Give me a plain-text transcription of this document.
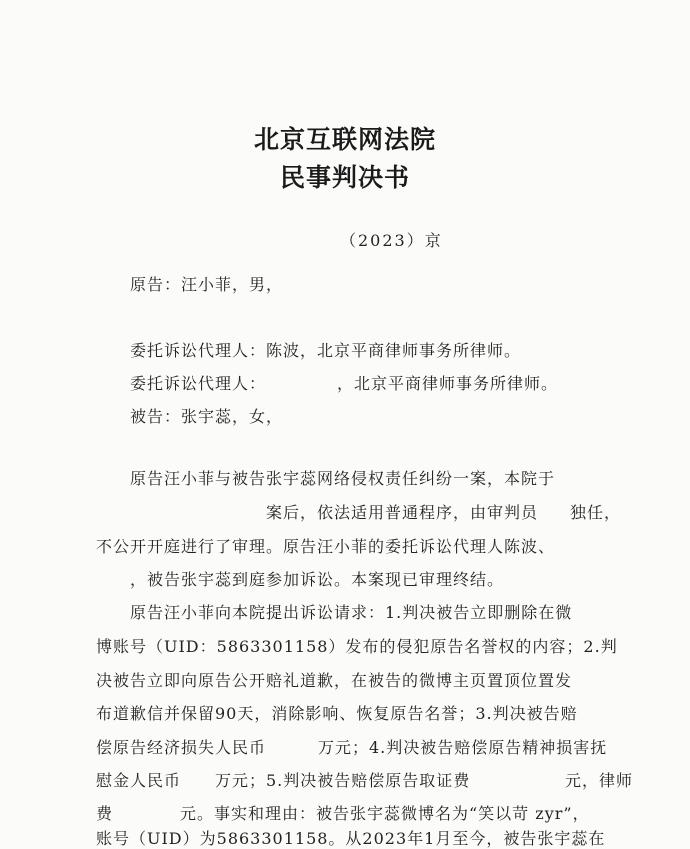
北京互联网法院
民事判决书
（2023）京
原告：汪小菲，男，
委托诉讼代理人：陈波，北京平商律师事务所律师。
委托诉讼代理人：	，北京平商律师事务所律师。
被告：张宇蕊，女，
原告汪小菲与被告张宇蕊网络侵权责任纠纷一案，本院于
案后，依法适用普通程序，由审判员 独任，
不公开开庭进行了审理。原告汪小菲的委托诉讼代理人陈波、
，被告张宇蕊到庭参加诉讼。本案现已审理终结。
原告汪小菲向本院提出诉讼请求：1.判决被告立即删除在微
博账号（UID：5863301158）发布的侵犯原告名誉权的内容；2.判
决被告立即向原告公开赔礼道歉，在被告的微博主页置顶位置发
布道歉信并保留90天，消除影响、恢复原告名誉；3.判决被告赔
偿原告经济损失人民币	万元；4.判决被告赔偿原告精神损害抚
慰金人民币 万元；5.判决被告赔偿原告取证费	元，律师
费	元。事实和理由：被告张宇蕊微博名为“笑以苛 zyr”，
账号（UID）为5863301158。从2023年1月至今，被告张宇蕊在
